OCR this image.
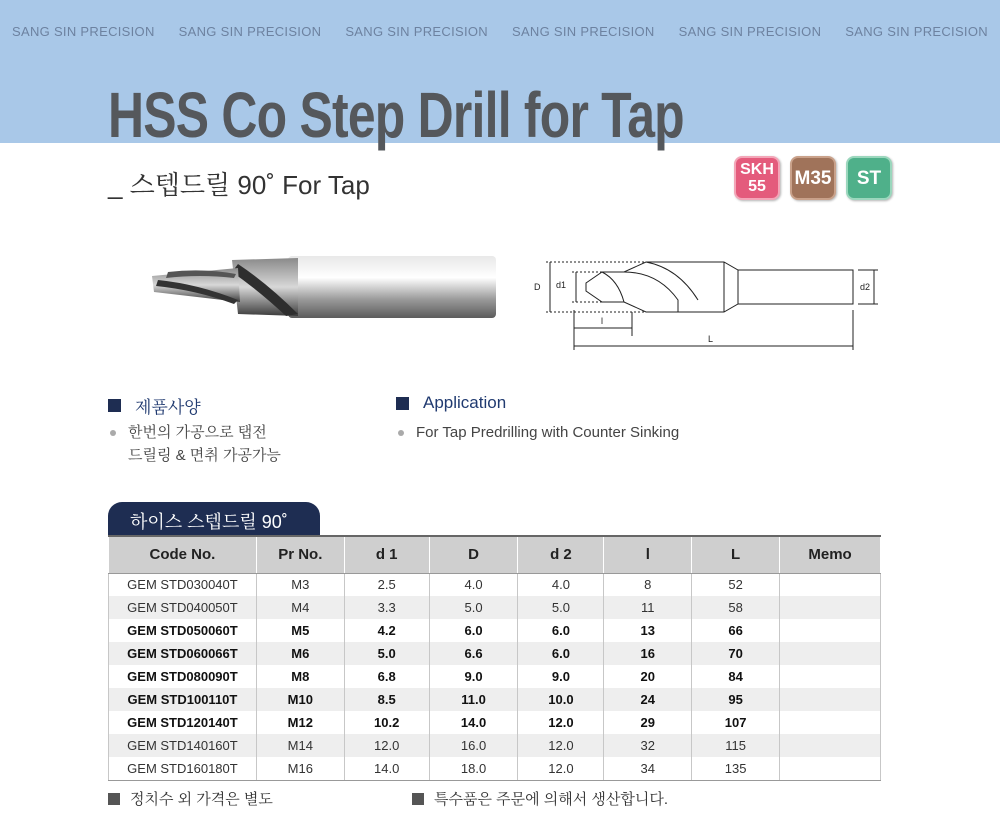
SANG SIN PRECISION SANG SIN PRECISION SANG SIN PRECISION SANG SIN PRECISION SANG SIN PRECISION SANG SIN PRECISION
HSS Co Step Drill for Tap
_ 스텝드릴 90˚ For Tap
SKH
55	M35	ST
D d1	d2
l
L
제품사양
한번의 가공으로 탭전
드릴링 & 면취 가공가능
Application
For Tap Predrilling with Counter Sinking
하이스 스텝드릴 90˚
Code No.	Pr No.	d 1	D	d 2	l	L	Memo
GEM STD030040T	M3	2.5	4.0	4.0	8	52	
GEM STD040050T	M4	3.3	5.0	5.0	11	58	
GEM STD050060T	M5	4.2	6.0	6.0	13	66	
GEM STD060066T	M6	5.0	6.6	6.0	16	70	
GEM STD080090T	M8	6.8	9.0	9.0	20	84	
GEM STD100110T	M10	8.5	11.0	10.0	24	95	
GEM STD120140T	M12	10.2	14.0	12.0	29	107	
GEM STD140160T	M14	12.0	16.0	12.0	32	115	
GEM STD160180T	M16	14.0	18.0	12.0	34	135	
정치수 외 가격은 별도	특수품은 주문에 의해서 생산합니다.
